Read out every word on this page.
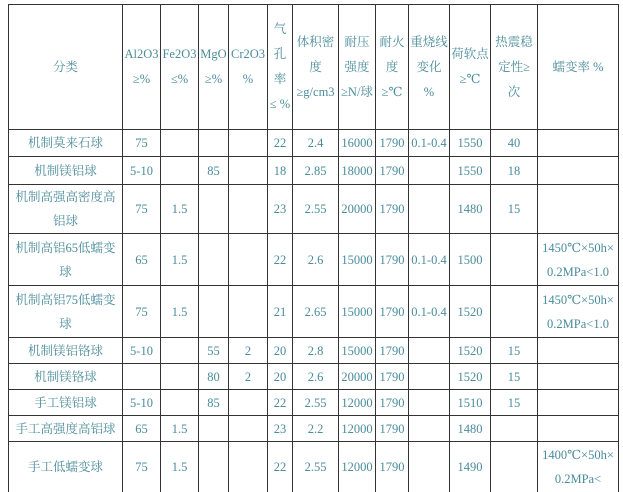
分类	Al2O3 ≥%	Fe2O3 ≤%	MgO ≥%	Cr2O3 %	气孔率 ≤ %	体积密度 ≥g/cm3	耐压强度 ≥N/球	耐火度 ≥℃	重烧线变化 %	荷软点 ≥℃	热震稳定性≥ 次	蠕变率 %
机制莫来石球	75				22	2.4	16000	1790	0.1-0.4	1550	40	
机制镁铝球	5-10		85		18	2.85	18000	1790		1550	18	
机制高强高密度高铝球	75	1.5			23	2.55	20000	1790		1480	15	
机制高铝65低蠕变球	65	1.5			22	2.6	15000	1790	0.1-0.4	1500		1450℃×50h× 0.2MPa<1.0
机制高铝75低蠕变球	75	1.5			21	2.65	15000	1790	0.1-0.4	1520		1450℃×50h× 0.2MPa<1.0
机制镁铝铬球	5-10		55	2	20	2.8	15000	1790		1520	15	
机制镁铬球			80	2	20	2.6	20000	1790		1520	15	
手工镁铝球	5-10		85		22	2.55	12000	1790		1510	15	
手工高强度高铝球	65	1.5			23	2.2	12000	1790		1480		
手工低蠕变球	75	1.5			22	2.55	12000	1790		1490		1400℃×50h× 0.2MPa<
